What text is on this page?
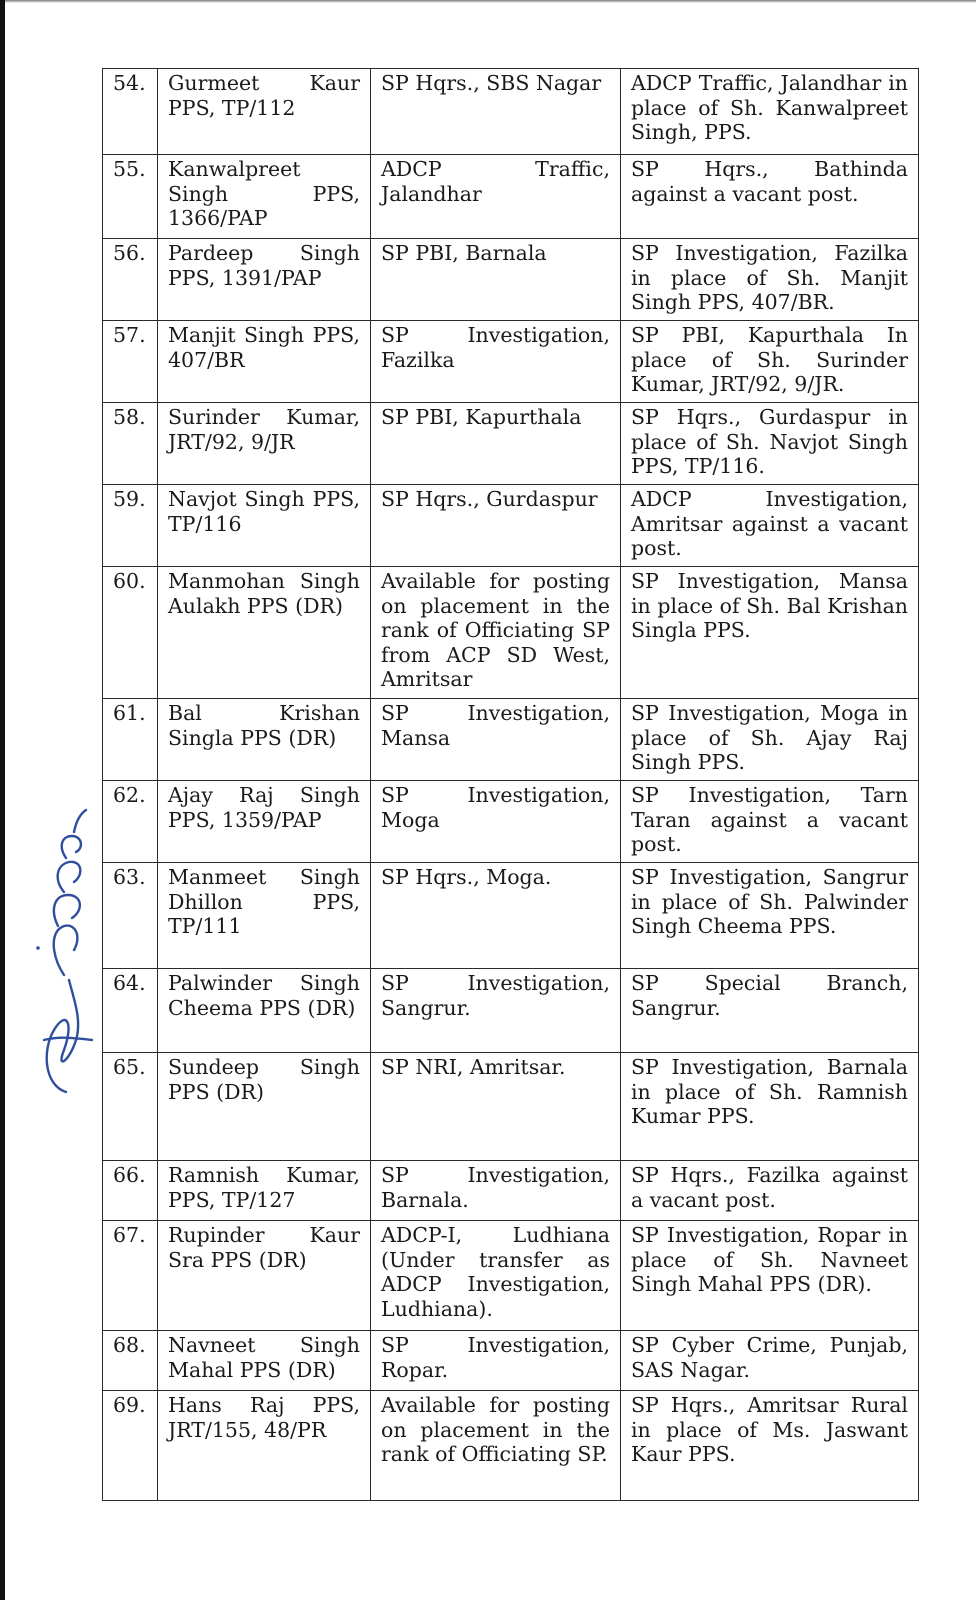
54.	Gurmeet Kaur PPS, TP/112	SP Hqrs., SBS Nagar	ADCP Traffic, Jalandhar in place of Sh. Kanwalpreet Singh, PPS.
55.	Kanwalpreet Singh PPS, 1366/PAP	ADCP Traffic, Jalandhar	SP Hqrs., Bathinda against a vacant post.
56.	Pardeep Singh PPS, 1391/PAP	SP PBI, Barnala	SP Investigation, Fazilka in place of Sh. Manjit Singh PPS, 407/BR.
57.	Manjit Singh PPS, 407/BR	SP Investigation, Fazilka	SP PBI, Kapurthala In place of Sh. Surinder Kumar, JRT/92, 9/JR.
58.	Surinder Kumar, JRT/92, 9/JR	SP PBI, Kapurthala	SP Hqrs., Gurdaspur in place of Sh. Navjot Singh PPS, TP/116.
59.	Navjot Singh PPS, TP/116	SP Hqrs., Gurdaspur	ADCP Investigation, Amritsar against a vacant post.
60.	Manmohan Singh Aulakh PPS (DR)	Available for posting on placement in the rank of Officiating SP from ACP SD West, Amritsar	SP Investigation, Mansa in place of Sh. Bal Krishan Singla PPS.
61.	Bal Krishan Singla PPS (DR)	SP Investigation, Mansa	SP Investigation, Moga in place of Sh. Ajay Raj Singh PPS.
62.	Ajay Raj Singh PPS, 1359/PAP	SP Investigation, Moga	SP Investigation, Tarn Taran against a vacant post.
63.	Manmeet Singh Dhillon PPS, TP/111	SP Hqrs., Moga.	SP Investigation, Sangrur in place of Sh. Palwinder Singh Cheema PPS.
64.	Palwinder Singh Cheema PPS (DR)	SP Investigation, Sangrur.	SP Special Branch, Sangrur.
65.	Sundeep Singh PPS (DR)	SP NRI, Amritsar.	SP Investigation, Barnala in place of Sh. Ramnish Kumar PPS.
66.	Ramnish Kumar, PPS, TP/127	SP Investigation, Barnala.	SP Hqrs., Fazilka against a vacant post.
67.	Rupinder Kaur Sra PPS (DR)	ADCP-I, Ludhiana (Under transfer as ADCP Investigation, Ludhiana).	SP Investigation, Ropar in place of Sh. Navneet Singh Mahal PPS (DR).
68.	Navneet Singh Mahal PPS (DR)	SP Investigation, Ropar.	SP Cyber Crime, Punjab, SAS Nagar.
69.	Hans Raj PPS, JRT/155, 48/PR	Available for posting on placement in the rank of Officiating SP.	SP Hqrs., Amritsar Rural in place of Ms. Jaswant Kaur PPS.
